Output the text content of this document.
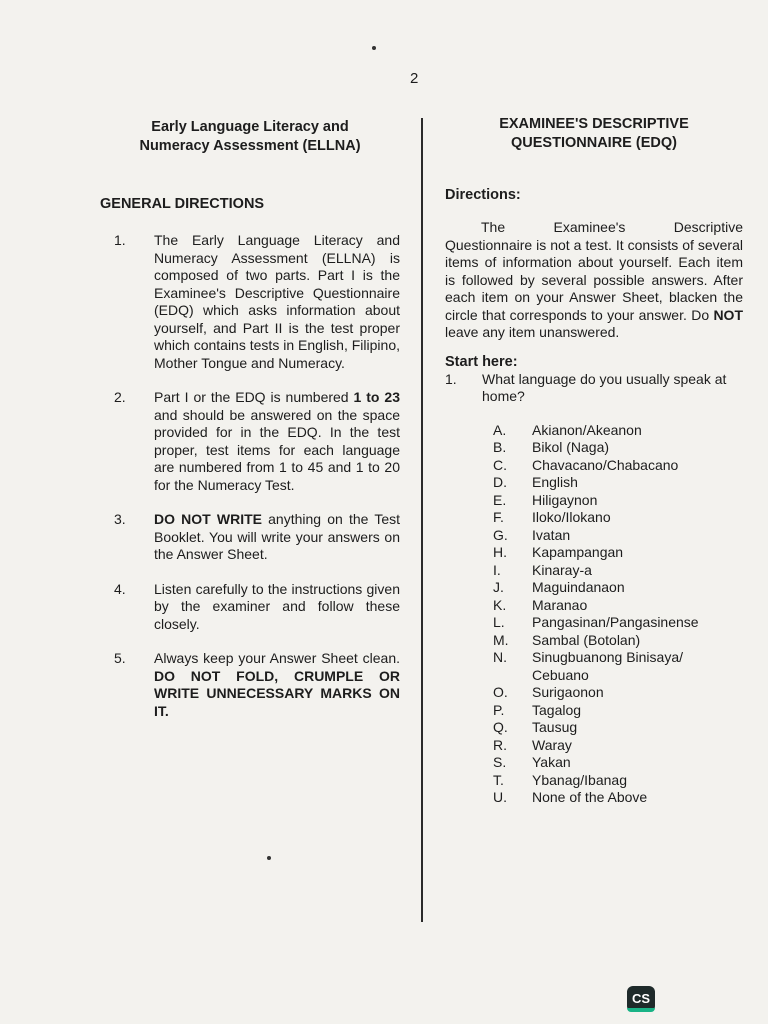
2

Early Language Literacy and
Numeracy Assessment (ELLNA)

GENERAL DIRECTIONS

1.	The Early Language Literacy and Numeracy Assessment (ELLNA) is composed of two parts. Part I is the Examinee's Descriptive Questionnaire (EDQ) which asks information about yourself, and Part II is the test proper which contains tests in English, Filipino, Mother Tongue and Numeracy.
2.	Part I or the EDQ is numbered 1 to 23 and should be answered on the space provided for in the EDQ. In the test proper, test items for each language are numbered from 1 to 45 and 1 to 20 for the Numeracy Test.
3.	DO NOT WRITE anything on the Test Booklet. You will write your answers on the Answer Sheet.
4.	Listen carefully to the instructions given by the examiner and follow these closely.
5.	Always keep your Answer Sheet clean. DO NOT FOLD, CRUMPLE OR WRITE UNNECESSARY MARKS ON IT.

EXAMINEE'S DESCRIPTIVE
QUESTIONNAIRE (EDQ)

Directions:

The Examinee's Descriptive Questionnaire is not a test. It consists of several items of information about yourself. Each item is followed by several possible answers. After each item on your Answer Sheet, blacken the circle that corresponds to your answer. Do NOT leave any item unanswered.

Start here:

1.	What language do you usually speak at home?
A.	Akianon/Akeanon
B.	Bikol (Naga)
C.	Chavacano/Chabacano
D.	English
E.	Hiligaynon
F.	Iloko/Ilokano
G.	Ivatan
H.	Kapampangan
I.	Kinaray-a
J.	Maguindanaon
K.	Maranao
L.	Pangasinan/Pangasinense
M.	Sambal (Botolan)
N.	Sinugbuanong Binisaya/ Cebuano
O.	Surigaonon
P.	Tagalog
Q.	Tausug
R.	Waray
S.	Yakan
T.	Ybanag/Ibanag
U.	None of the Above
CS
